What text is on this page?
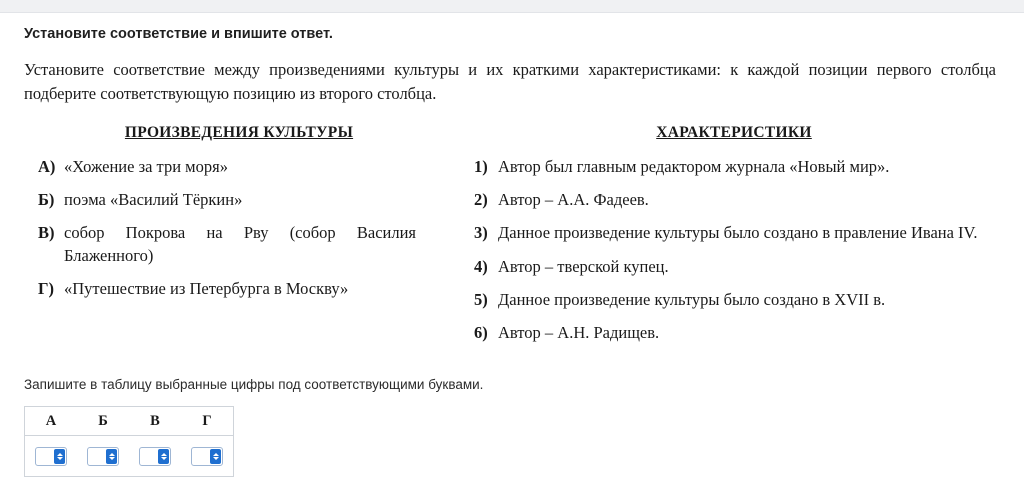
Установите соответствие и впишите ответ.
Установите соответствие между произведениями культуры и их краткими характеристиками: к каждой позиции первого столбца подберите соответствующую позицию из второго столбца.
ПРОИЗВЕДЕНИЯ КУЛЬТУРЫ
А) «Хожение за три моря»
Б) поэма «Василий Тёркин»
В) собор Покрова на Рву (собор Василия Блаженного)
Г) «Путешествие из Петербурга в Москву»
ХАРАКТЕРИСТИКИ
1) Автор был главным редактором журнала «Новый мир».
2) Автор – А.А. Фадеев.
3) Данное произведение культуры было создано в правление Ивана IV.
4) Автор – тверской купец.
5) Данное произведение культуры было создано в XVII в.
6) Автор – А.Н. Радищев.
Запишите в таблицу выбранные цифры под соответствующими буквами.
А	Б	В	Г
